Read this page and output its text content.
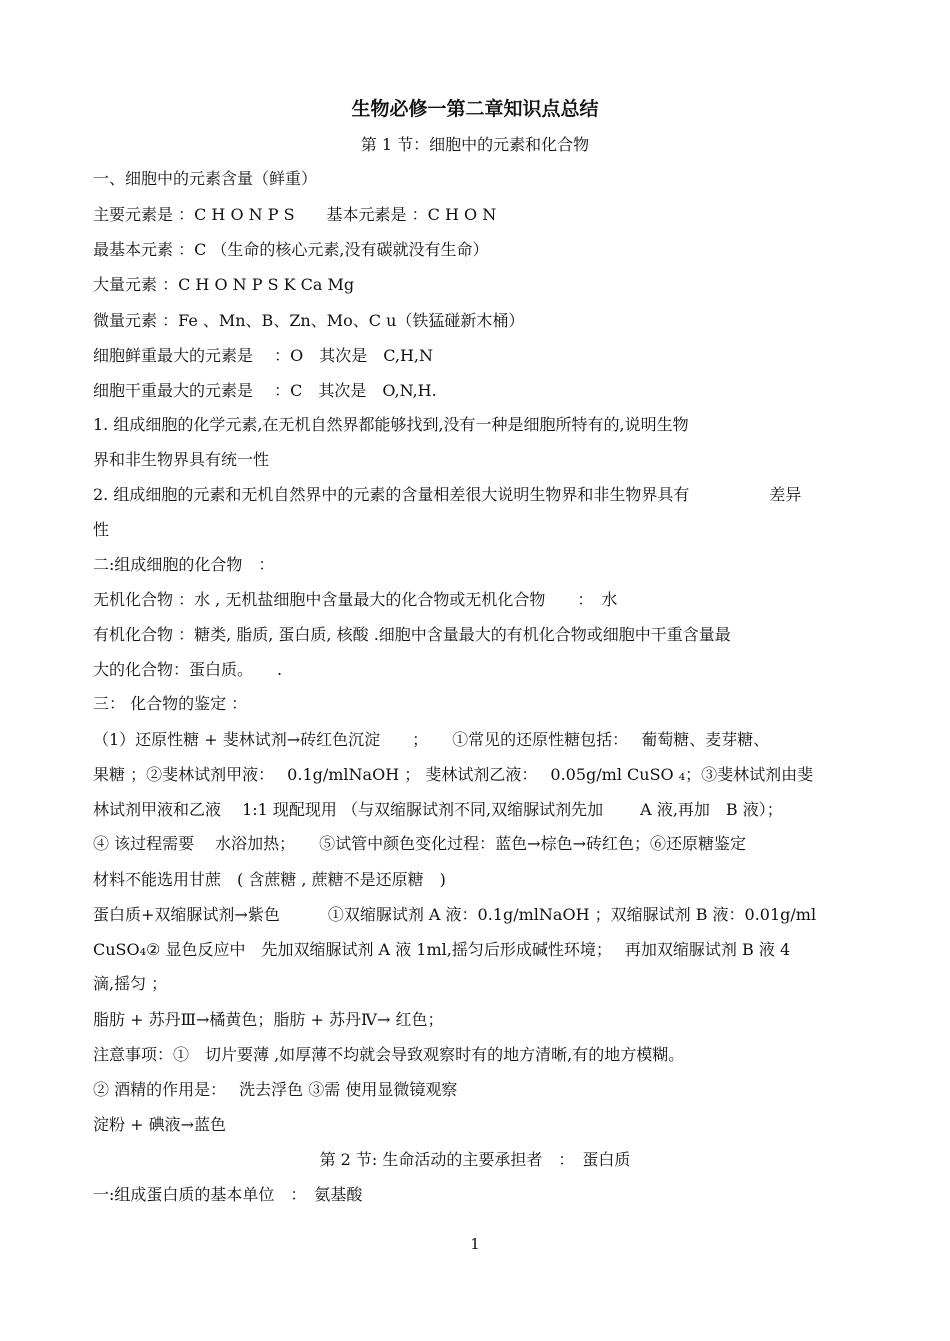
生物必修一第二章知识点总结
第 1 节：细胞中的元素和化合物
一、细胞中的元素含量（鲜重）
主要元素是 ：C H O N P S　　基本元素是 ：C H O N
最基本元素 ：C （生命的核心元素,没有碳就没有生命）
大量元素 ：C H O N P S K Ca Mg
微量元素 ：Fe 、Mn、B、Zn、Mo、C u（铁猛碰新木桶）
细胞鲜重最大的元素是　 ：O　其次是　C,H,N
细胞干重最大的元素是　 ：C　其次是　O,N,H.
1. 组成细胞的化学元素,在无机自然界都能够找到,没有一种是细胞所特有的,说明生物
界和非生物界具有统一性
2. 组成细胞的元素和无机自然界中的元素的含量相差很大说明生物界和非生物界具有　　　　　差异
性
二:组成细胞的化合物　：
无机化合物 ：水 , 无机盐细胞中含量最大的化合物或无机化合物　　：　水
有机化合物 ：糖类, 脂质, 蛋白质, 核酸 .细胞中含量最大的有机化合物或细胞中干重含量最
大的化合物：蛋白质。　　.
三： 化合物的鉴定 ：
（1）还原性糖 + 斐林试剂→砖红色沉淀　　；　　①常见的还原性糖包括：　 葡萄糖、麦芽糖、
果糖 ；②斐林试剂甲液：　 0.1g/mlNaOH ； 斐林试剂乙液：　 0.05g/ml CuSO ₄；③斐林试剂由斐
林试剂甲液和乙液　 1:1 现配现用 （与双缩脲试剂不同,双缩脲试剂先加　　 A 液,再加　B 液）；
④ 该过程需要　 水浴加热；　　⑤试管中颜色变化过程：蓝色→棕色→砖红色；⑥还原糖鉴定
材料不能选用甘蔗　( 含蔗糖 , 蔗糖不是还原糖　)
蛋白质+双缩脲试剂→紫色　　　①双缩脲试剂 A 液：0.1g/mlNaOH ；双缩脲试剂 B 液：0.01g/ml
CuSO₄② 显色反应中　先加双缩脲试剂 A 液 1ml,摇匀后形成碱性环境；　 再加双缩脲试剂 B 液 4
滴,摇匀 ；
脂肪 + 苏丹Ⅲ→橘黄色；脂肪 + 苏丹Ⅳ→ 红色；
注意事项：①　切片要薄 ,如厚薄不均就会导致观察时有的地方清晰,有的地方模糊。
② 酒精的作用是：　 洗去浮色 ③需 使用显微镜观察
淀粉 + 碘液→蓝色
第 2 节: 生命活动的主要承担者　：　蛋白质
一:组成蛋白质的基本单位　：　氨基酸
1
